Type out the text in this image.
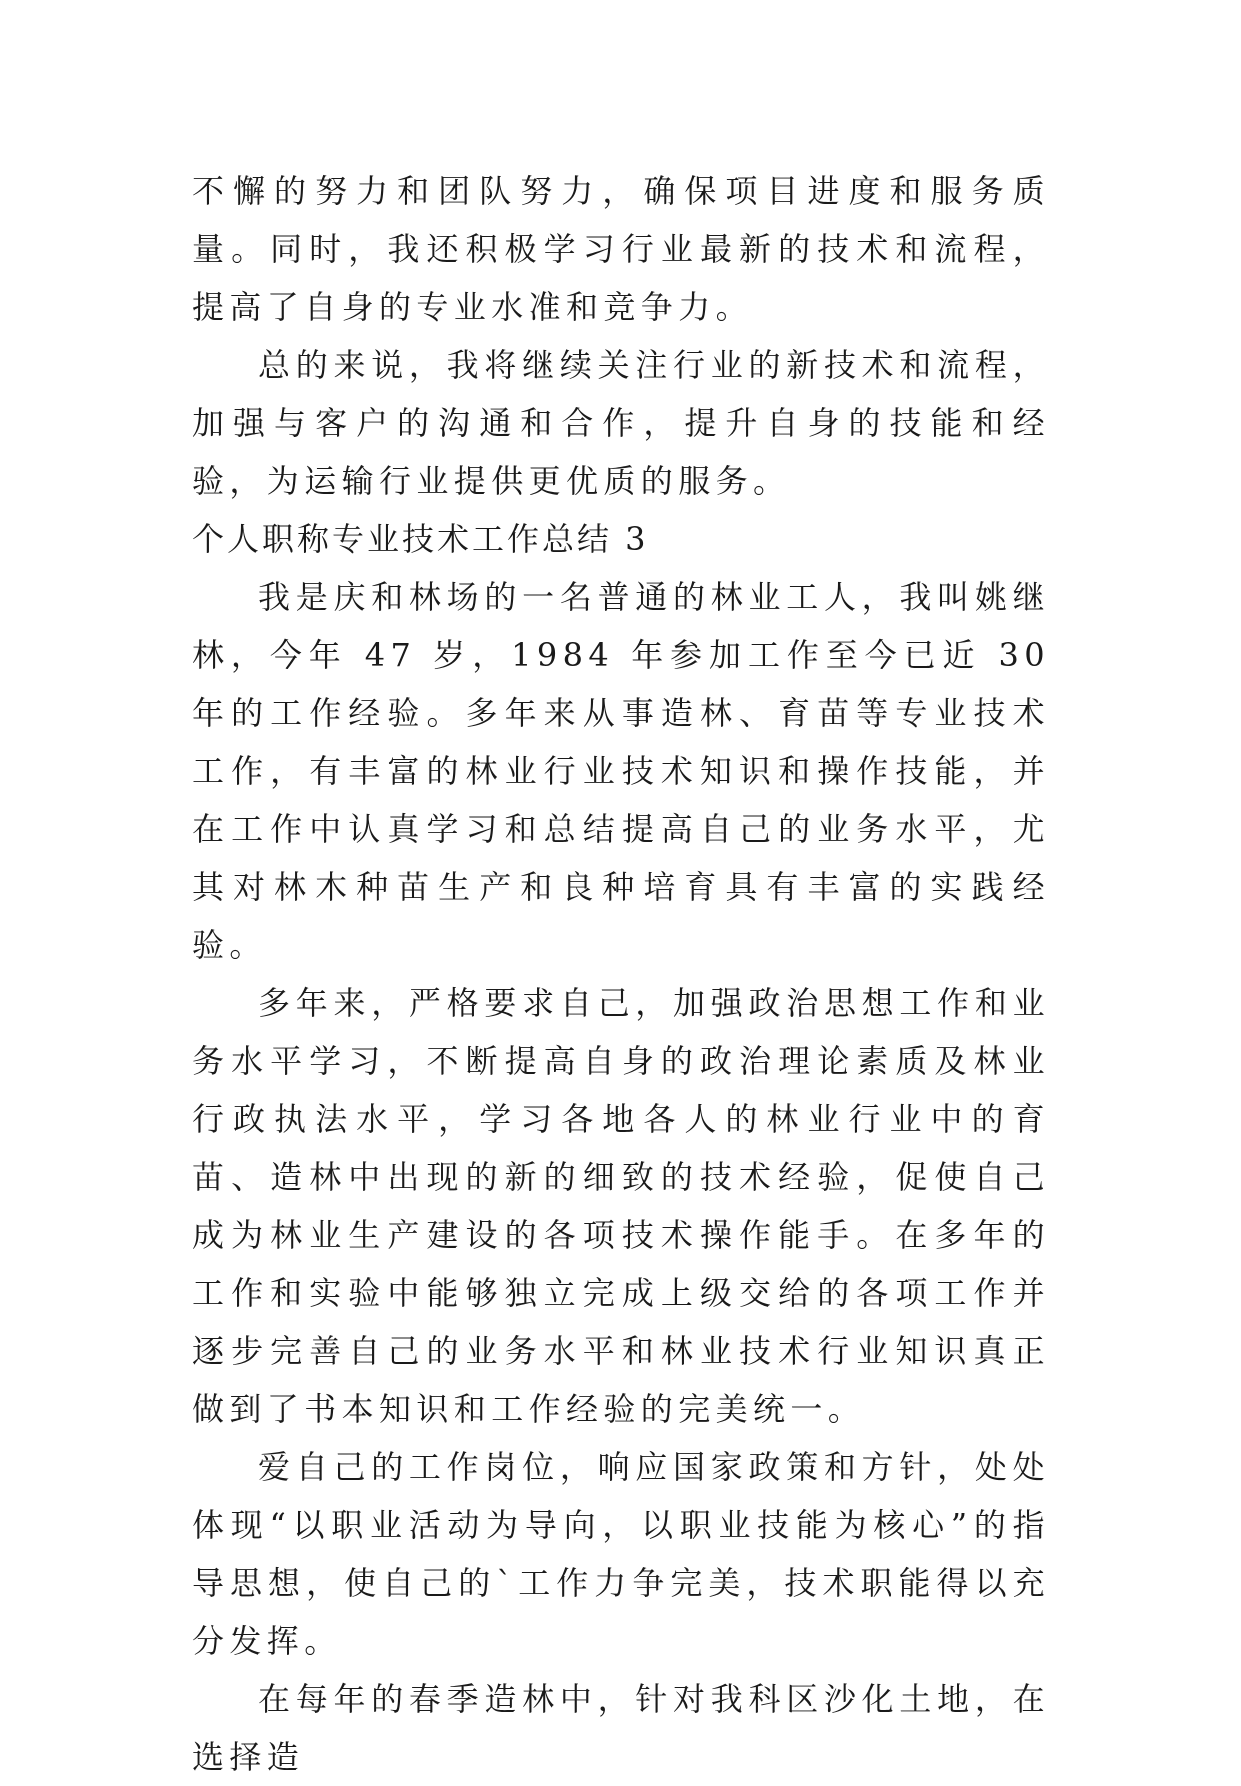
不懈的努力和团队努力，确保项目进度和服务质量。同时，我还积极学习行业最新的技术和流程，提高了自身的专业水准和竞争力。

总的来说，我将继续关注行业的新技术和流程，加强与客户的沟通和合作，提升自身的技能和经验，为运输行业提供更优质的服务。

个人职称专业技术工作总结 3

我是庆和林场的一名普通的林业工人，我叫姚继林，今年 47 岁，1984 年参加工作至今已近 30 年的工作经验。多年来从事造林、育苗等专业技术工作，有丰富的林业行业技术知识和操作技能，并在工作中认真学习和总结提高自己的业务水平，尤其对林木种苗生产和良种培育具有丰富的实践经验。

多年来，严格要求自己，加强政治思想工作和业务水平学习，不断提高自身的政治理论素质及林业行政执法水平，学习各地各人的林业行业中的育苗、造林中出现的新的细致的技术经验，促使自己成为林业生产建设的各项技术操作能手。在多年的工作和实验中能够独立完成上级交给的各项工作并逐步完善自己的业务水平和林业技术行业知识真正做到了书本知识和工作经验的完美统一。

爱自己的工作岗位，响应国家政策和方针，处处体现“以职业活动为导向，以职业技能为核心”的指导思想，使自己的`工作力争完美，技术职能得以充分发挥。

在每年的春季造林中，针对我科区沙化土地，在选择造
